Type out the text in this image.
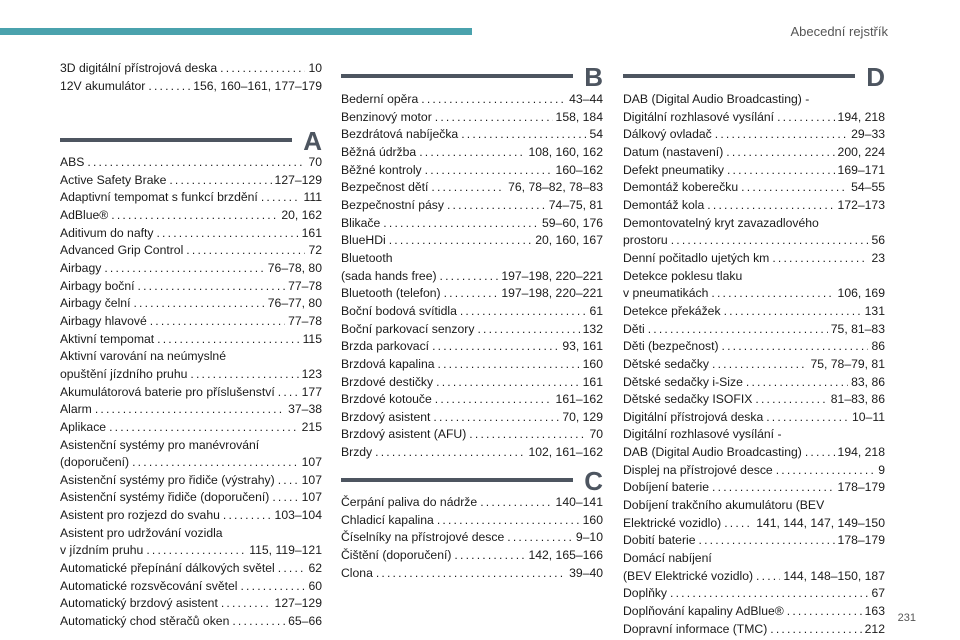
Abecední rejstřík
231
3D digitální přístrojová deska . . .	10
12V akumulátor . . .	156, 160–161, 177–179
A
ABS . . .	70
Active Safety Brake . . .	127–129
Adaptivní tempomat s funkcí brzdění . . .	111
AdBlue® . . .	20, 162
Aditivum do nafty . . .	161
Advanced Grip Control . . .	72
Airbagy . . .	76–78, 80
Airbagy boční . . .	77–78
Airbagy čelní . . .	76–77, 80
Airbagy hlavové . . .	77–78
Aktivní tempomat . . .	115
Aktivní varování na neúmyslné
opuštění jízdního pruhu . . .	123
Akumulátorová baterie pro příslušenství . . . 177
Alarm . . .	37–38
Aplikace . . .	215
Asistenční systémy pro manévrování
(doporučení) . . .	107
Asistenční systémy pro řidiče (výstrahy) . . . 107
Asistenční systémy řidiče (doporučení) . . .	107
Asistent pro rozjezd do svahu . . .	103–104
Asistent pro udržování vozidla
v jízdním pruhu . . .	115, 119–121
Automatické přepínání dálkových světel . . .	62
Automatické rozsvěcování světel . . .	60
Automatický brzdový asistent . . .	127–129
Automatický chod stěračů oken . . .	65–66
B
Bederní opěra . . .	43–44
Benzinový motor . . .	158, 184
Bezdrátová nabíječka . . .	54
Běžná údržba . . .	108, 160, 162
Běžné kontroly . . .	160–162
Bezpečnost dětí . . .	76, 78–82, 78–83
Bezpečnostní pásy . . .	74–75, 81
Blikače . . .	59–60, 176
BlueHDi . . .	20, 160, 167
Bluetooth
(sada hands free) . . .	197–198, 220–221
Bluetooth (telefon) . . .	197–198, 220–221
Boční bodová svítidla . . .	61
Boční parkovací senzory . . .	132
Brzda parkovací . . .	93, 161
Brzdová kapalina . . .	160
Brzdové destičky . . .	161
Brzdové kotouče . . .	161–162
Brzdový asistent . . .	70, 129
Brzdový asistent (AFU) . . .	70
Brzdy . . .	102, 161–162
C
Čerpání paliva do nádrže . . .	140–141
Chladicí kapalina . . .	160
Číselníky na přístrojové desce . . .	9–10
Čištění (doporučení) . . .	142, 165–166
Clona . . .	39–40
D
DAB (Digital Audio Broadcasting) -
Digitální rozhlasové vysílání . . .	194, 218
Dálkový ovladač . . .	29–33
Datum (nastavení) . . .	200, 224
Defekt pneumatiky . . .	169–171
Demontáž koberečku . . .	54–55
Demontáž kola . . .	172–173
Demontovatelný kryt zavazadlového
prostoru . . .	56
Denní počitadlo ujetých km . . .	23
Detekce poklesu tlaku
v pneumatikách . . .	106, 169
Detekce překážek . . .	131
Děti . . .	75, 81–83
Děti (bezpečnost) . . .	86
Dětské sedačky . . .	75, 78–79, 81
Dětské sedačky i-Size . . .	83, 86
Dětské sedačky ISOFIX . . .	81–83, 86
Digitální přístrojová deska . . .	10–11
Digitální rozhlasové vysílání -
DAB (Digital Audio Broadcasting) . . .	194, 218
Displej na přístrojové desce . . .	9
Dobíjení baterie . . .	178–179
Dobíjení trakčního akumulátoru (BEV
Elektrické vozidlo) . . .	141, 144, 147, 149–150
Dobití baterie . . .	178–179
Domácí nabíjení
(BEV Elektrické vozidlo) . . . 144, 148–150, 187
Doplňky . . .	67
Doplňování kapaliny AdBlue® . . .	163
Dopravní informace (TMC) . . .	212
